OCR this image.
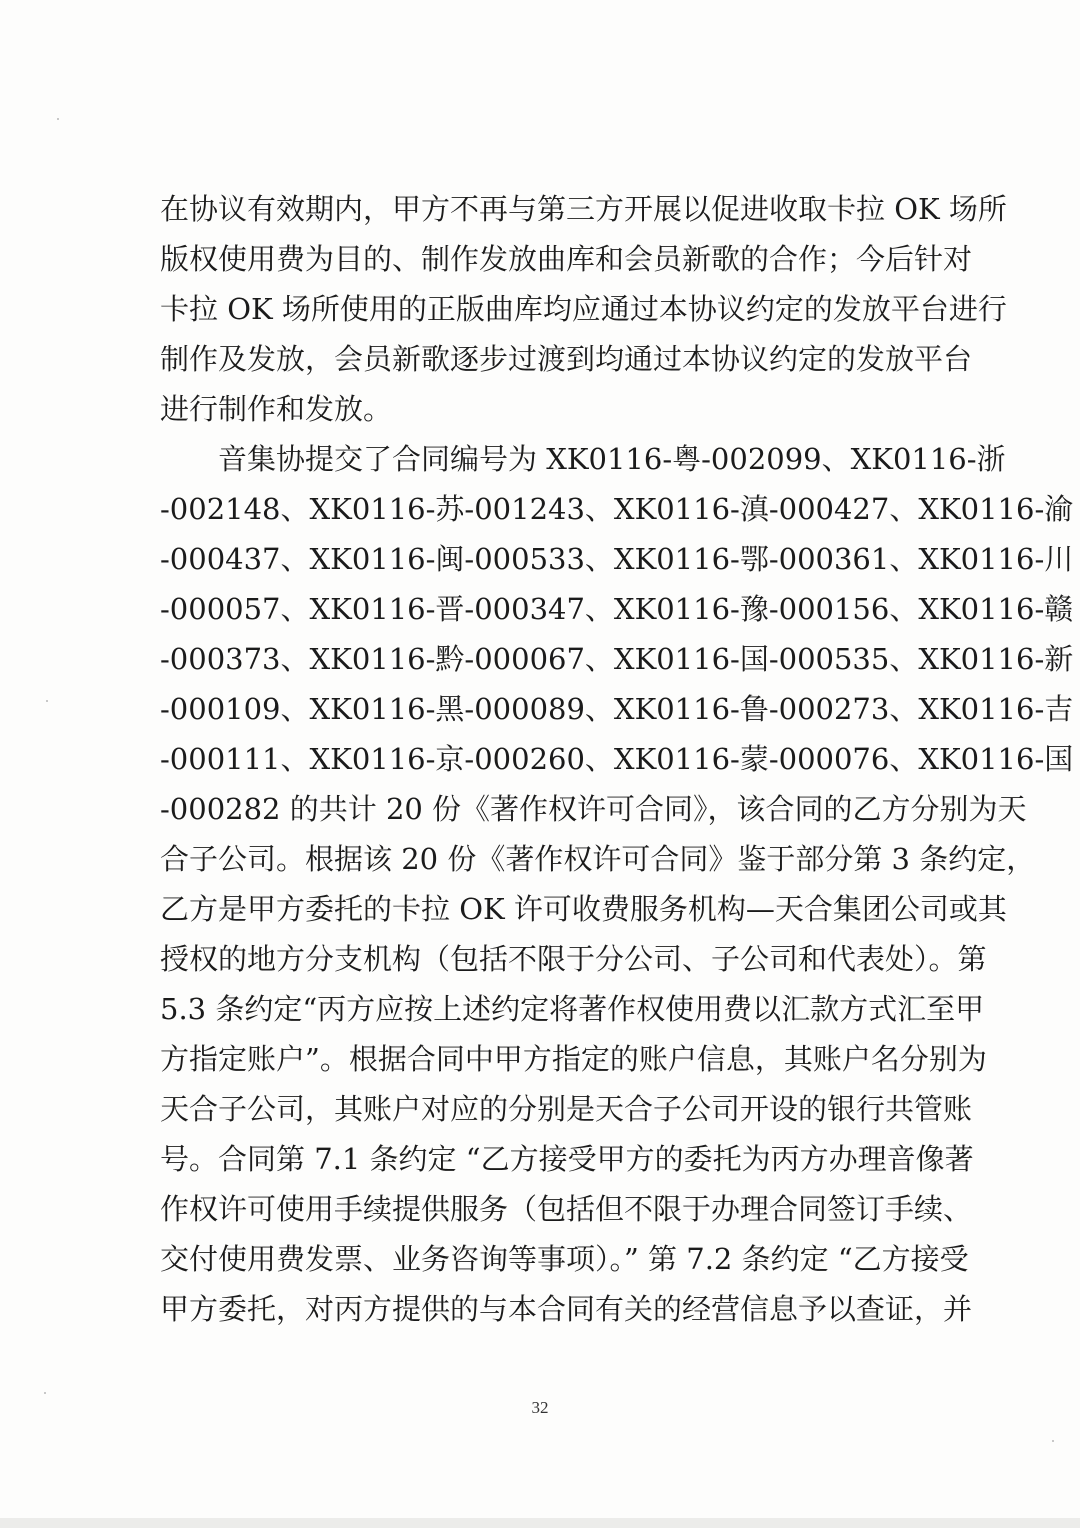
在协议有效期内，甲方不再与第三方开展以促进收取卡拉 OK 场所
版权使用费为目的、制作发放曲库和会员新歌的合作；今后针对
卡拉 OK 场所使用的正版曲库均应通过本协议约定的发放平台进行
制作及发放，会员新歌逐步过渡到均通过本协议约定的发放平台
进行制作和发放。
　　音集协提交了合同编号为 XK0116-粤-002099、XK0116-浙
-002148、XK0116-苏-001243、XK0116-滇-000427、XK0116-渝
-000437、XK0116-闽-000533、XK0116-鄂-000361、XK0116-川
-000057、XK0116-晋-000347、XK0116-豫-000156、XK0116-赣
-000373、XK0116-黔-000067、XK0116-国-000535、XK0116-新
-000109、XK0116-黑-000089、XK0116-鲁-000273、XK0116-吉
-000111、XK0116-京-000260、XK0116-蒙-000076、XK0116-国
-000282 的共计 20 份《著作权许可合同》，该合同的乙方分别为天
合子公司。根据该 20 份《著作权许可合同》鉴于部分第 3 条约定，
乙方是甲方委托的卡拉 OK 许可收费服务机构—天合集团公司或其
授权的地方分支机构（包括不限于分公司、子公司和代表处）。第
5.3 条约定“丙方应按上述约定将著作权使用费以汇款方式汇至甲
方指定账户”。根据合同中甲方指定的账户信息，其账户名分别为
天合子公司，其账户对应的分别是天合子公司开设的银行共管账
号。合同第 7.1 条约定 “乙方接受甲方的委托为丙方办理音像著
作权许可使用手续提供服务（包括但不限于办理合同签订手续、
交付使用费发票、业务咨询等事项）。” 第 7.2 条约定 “乙方接受
甲方委托，对丙方提供的与本合同有关的经营信息予以查证，并
32
